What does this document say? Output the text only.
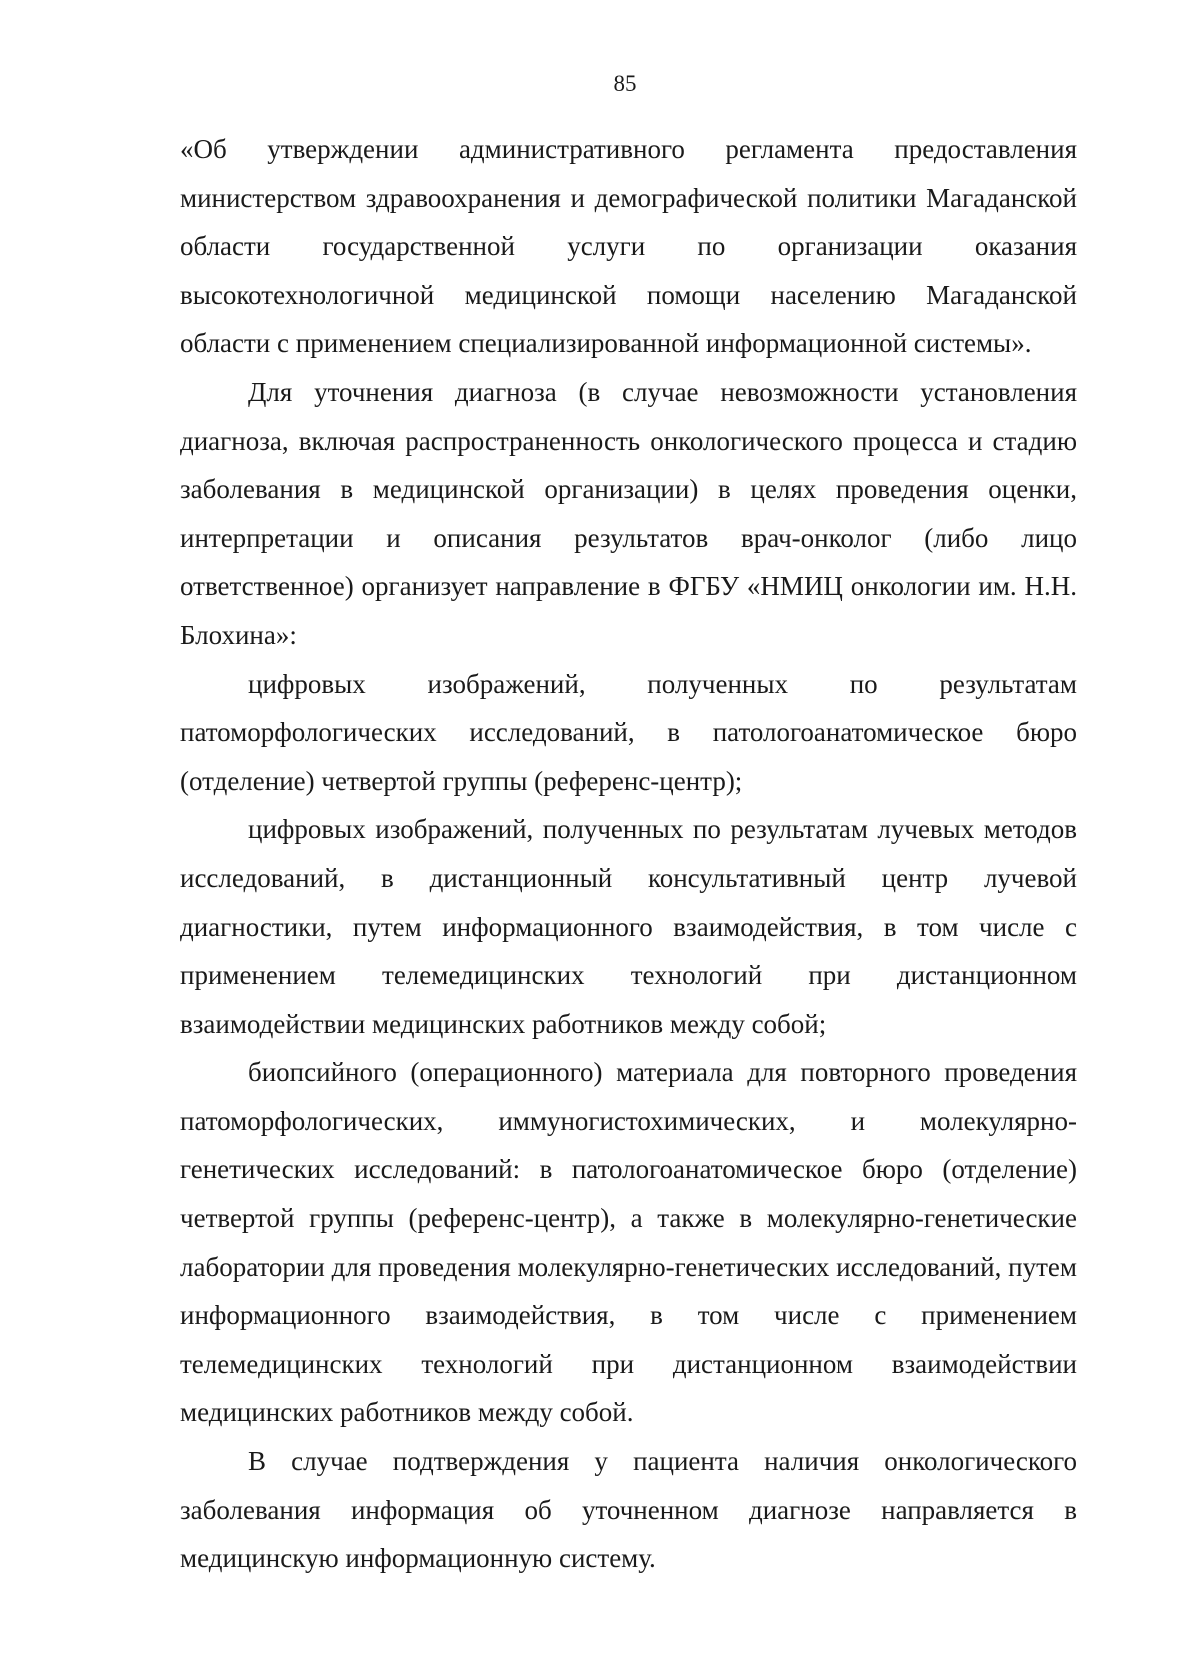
85

«Об утверждении административного регламента предоставления министерством здравоохранения и демографической политики Магаданской области государственной услуги по организации оказания высокотехнологичной медицинской помощи населению Магаданской области с применением специализированной информационной системы».

Для уточнения диагноза (в случае невозможности установления диагноза, включая распространенность онкологического процесса и стадию заболевания в медицинской организации) в целях проведения оценки, интерпретации и описания результатов врач-онколог (либо лицо ответственное) организует направление в ФГБУ «НМИЦ онкологии им. Н.Н. Блохина»:

цифровых изображений, полученных по результатам патоморфологических исследований, в патологоанатомическое бюро (отделение) четвертой группы (референс-центр);

цифровых изображений, полученных по результатам лучевых методов исследований, в дистанционный консультативный центр лучевой диагностики, путем информационного взаимодействия, в том числе с применением телемедицинских технологий при дистанционном взаимодействии медицинских работников между собой;

биопсийного (операционного) материала для повторного проведения патоморфологических, иммуногистохимических, и молекулярно-генетических исследований: в патологоанатомическое бюро (отделение) четвертой группы (референс-центр), а также в молекулярно-генетические лаборатории для проведения молекулярно-генетических исследований, путем информационного взаимодействия, в том числе с применением телемедицинских технологий при дистанционном взаимодействии медицинских работников между собой.

В случае подтверждения у пациента наличия онкологического заболевания информация об уточненном диагнозе направляется в медицинскую информационную систему.
